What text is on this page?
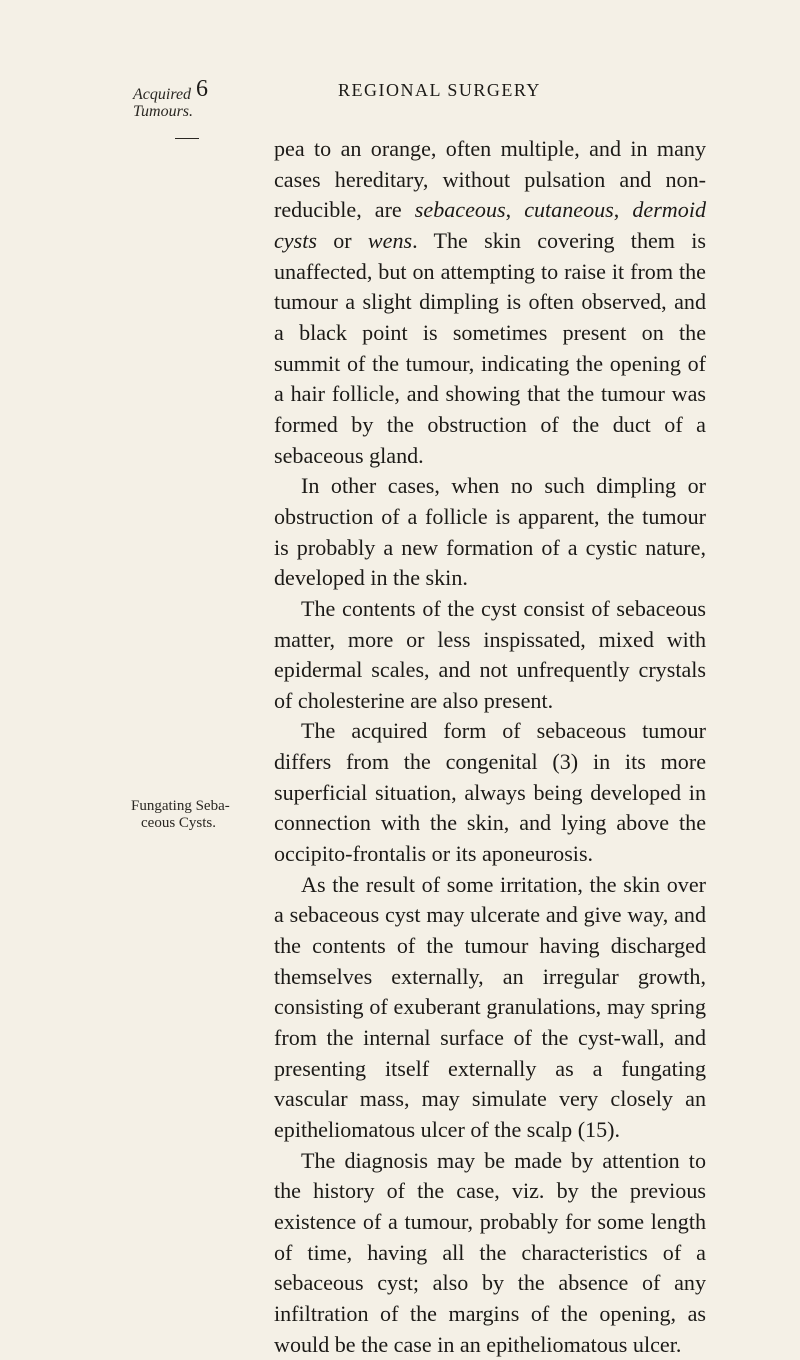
6	REGIONAL SURGERY
Acquired
Tumours.
Fungating Seba-
ceous Cysts.

pea to an orange, often multiple, and in many cases hereditary, without pulsation and non-reducible, are sebaceous, cutaneous, dermoid cysts or wens. The skin covering them is unaffected, but on attempting to raise it from the tumour a slight dimpling is often observed, and a black point is sometimes present on the summit of the tumour, indicating the opening of a hair follicle, and showing that the tumour was formed by the obstruction of the duct of a sebaceous gland.

In other cases, when no such dimpling or obstruction of a follicle is apparent, the tumour is probably a new formation of a cystic nature, developed in the skin.

The contents of the cyst consist of sebaceous matter, more or less inspissated, mixed with epidermal scales, and not unfrequently crystals of cholesterine are also present.

The acquired form of sebaceous tumour differs from the congenital (3) in its more superficial situation, always being developed in connection with the skin, and lying above the occipito-frontalis or its aponeurosis.

As the result of some irritation, the skin over a sebaceous cyst may ulcerate and give way, and the contents of the tumour having discharged themselves externally, an irregular growth, consisting of exuberant granulations, may spring from the internal surface of the cyst-wall, and presenting itself externally as a fungating vascular mass, may simulate very closely an epitheliomatous ulcer of the scalp (15).

The diagnosis may be made by attention to the history of the case, viz. by the previous existence of a tumour, probably for some length of time, having all the characteristics of a sebaceous cyst; also by the absence of any infiltration of the margins of the opening, as would be the case in an epitheliomatous ulcer.
